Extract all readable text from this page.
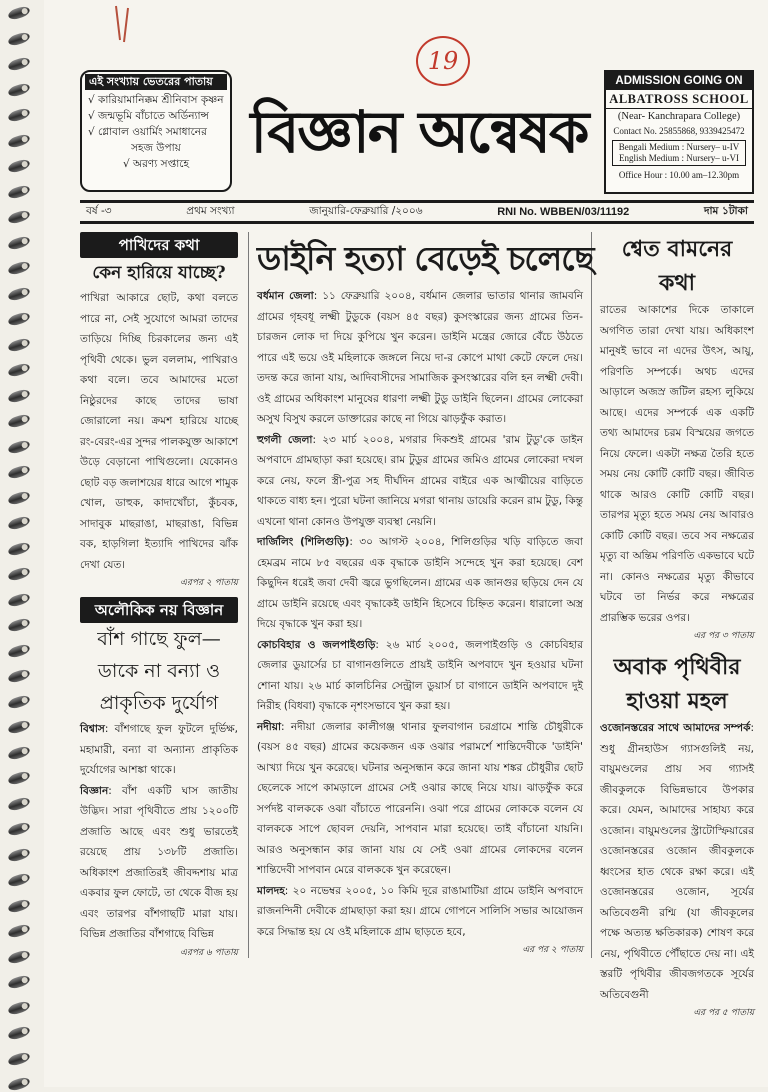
19
এই সংখ্যায় ভেতরের পাতায়
√ কারিয়ামানিক্কম শ্রীনিবাস কৃষ্ণন
√ জন্মভূমি বাঁচাতে অর্ডিন্যান্স
√ গ্লোবাল ওয়ার্মিং সমাধানের
সহজ উপায়
√ অরণ্য সপ্তাহে	বিজ্ঞান অন্বেষক
ADMISSION GOING ON
ALBATROSS SCHOOL
(Near- Kanchrapara College)
Contact No. 25855868, 9339425472
Bengali Medium : Nursery– u-IV
English Medium : Nursery– u-VI
Office Hour : 10.00 am–12.30pm
বর্ষ -৩	প্রথম সংখ্যা	জানুয়ারি-ফেব্রুয়ারি /২০০৬	RNI No. WBBEN/03/11192	দাম ১টাকা
পাখিদের কথা
কেন হারিয়ে যাচ্ছে?

পাখিরা আকারে ছোট, কথা বলতে পারে না, সেই সুযোগে আমরা তাদের তাড়িয়ে দিচ্ছি চিরকালের জন্য এই পৃথিবী থেকে। ভুল বললাম, পাখিরাও কথা বলে। তবে আমাদের মতো নিষ্ঠুরদের কাছে তাদের ভাষা জোরালো নয়। ক্রমশ হারিয়ে যাচ্ছে রং-বেরং-এর সুন্দর পালকযুক্ত আকাশে উড়ে বেড়ানো পাখিগুলো। যেকোনও ছোট বড় জলাশয়ের ধারে আগে শামুক খোল, ডাহুক, কাদাখোঁচা, কুঁচবক, সাদাবুক মাছরাঙা, মাছরাঙা, বিভিন্ন বক, হাড়গিলা ইত্যাদি পাখিদের ঝাঁক দেখা যেত।

এরপর ২ পাতায়
অলৌকিক নয় বিজ্ঞান
বাঁশ গাছে ফুল— ডাকে না বন্যা ও প্রাকৃতিক দুর্যোগ

বিশ্বাস: বাঁশগাছে ফুল ফুটলে দুর্ভিক্ষ, মহামারী, বন্যা বা অন্যান্য প্রাকৃতিক দুর্যোগের আশঙ্কা থাকে।

বিজ্ঞান: বাঁশ একটি ঘাস জাতীয় উদ্ভিদ। সারা পৃথিবীতে প্রায় ১২০০টি প্রজাতি আছে এবং শুধু ভারতেই রয়েছে প্রায় ১৩৮টি প্রজাতি। অধিকাংশ প্রজাতিরই জীবদ্দশায় মাত্র একবার ফুল ফোটে, তা থেকে বীজ হয় এবং তারপর বাঁশগাছটি মারা যায়। বিভিন্ন প্রজাতির বাঁশগাছে বিভিন্ন

এরপর ৬ পাতায়
ডাইনি হত্যা বেড়েই চলেছে

বর্ধমান জেলা: ১১ ফেব্রুয়ারি ২০০৪, বর্ধমান জেলার ভাতার থানার জামবনি গ্রামের গৃহবধূ লক্ষ্মী টুডুকে (বয়স ৪৫ বছর) কুসংস্কারের জন্য গ্রামের তিন-চারজন লোক দা দিয়ে কুপিয়ে খুন করেন। ডাইনি মন্ত্রের জোরে বেঁচে উঠতে পারে এই ভয়ে ওই মহিলাকে জঙ্গলে নিয়ে দা-র কোপে মাথা কেটে ফেলে দেয়। তদন্ত করে জানা যায়, আদিবাসীদের সামাজিক কুসংস্কারের বলি হন লক্ষ্মী দেবী। ওই গ্রামের অধিকাংশ মানুষের ধারণা লক্ষ্মী টুডু ডাইনি ছিলেন। গ্রামের লোকেরা অসুখ বিসুখ করলে ডাক্তারের কাছে না গিয়ে ঝাড়ফুঁক করাত।

হুগলী জেলা: ২৩ মার্চ ২০০৪, মগরার দিকশুই গ্রামের 'রাম টুডু'কে ডাইন অপবাদে গ্রামছাড়া করা হয়েছে। রাম টুডুর গ্রামের জমিও গ্রামের লোকেরা দখল করে নেয়, ফলে স্ত্রী-পুত্র সহ দীর্ঘদিন গ্রামের বাইরে এক আত্মীয়ের বাড়িতে থাকতে বাধ্য হন। পুরো ঘটনা জানিয়ে মগরা থানায় ডায়েরি করেন রাম টুডু, কিন্তু এখনো থানা কোনও উপযুক্ত ব্যবস্থা নেয়নি।

দার্জিলিং (শিলিগুড়ি): ৩০ আগস্ট ২০০৪, শিলিগুড়ির খড়ি বাড়িতে জবা হেমব্রম নামে ৮৫ বছরের এক বৃদ্ধাকে ডাইনি সন্দেহে খুন করা হয়েছে। বেশ কিছুদিন ধরেই জবা দেবী জ্বরে ভুগছিলেন। গ্রামের এক জানগুর ছড়িয়ে দেন যে গ্রামে ডাইনি রয়েছে এবং বৃদ্ধাকেই ডাইনি হিসেবে চিহ্নিত করেন। ধারালো অস্ত্র দিয়ে বৃদ্ধাকে খুন করা হয়।

কোচবিহার ও জলপাইগুড়ি: ২৬ মার্চ ২০০৫, জলপাইগুড়ি ও কোচবিহার জেলার ডুয়ার্সের চা বাগানগুলিতে প্রায়ই ডাইনি অপবাদে খুন হওয়ার ঘটনা শোনা যায়। ২৬ মার্চ কালচিনির সেন্ট্রাল ডুয়ার্স চা বাগানে ডাইনি অপবাদে দুই নিরীহ (বিধবা) বৃদ্ধাকে নৃশংসভাবে খুন করা হয়।

নদীয়া: নদীয়া জেলার কালীগঞ্জ থানার ফুলবাগান চরগ্রামে শান্তি চৌধুরীকে (বয়স ৪৫ বছর) গ্রামের কয়েকজন এক ওঝার পরামর্শে শান্তিদেবীকে 'ডাইনি' আখ্যা দিয়ে খুন করেছে। ঘটনার অনুসন্ধান করে জানা যায় শঙ্কর চৌধুরীর ছোট ছেলেকে সাপে কামড়ালে গ্রামের সেই ওঝার কাছে নিয়ে যায়। ঝাড়ফুঁক করে সর্পদষ্ট বালককে ওঝা বাঁচাতে পারেননি। ওঝা পরে গ্রামের লোককে বলেন যে বালককে সাপে ছোবল দেয়নি, সাপবান মারা হয়েছে। তাই বাঁচানো যায়নি। আরও অনুসন্ধান কার জানা যায় যে সেই ওঝা গ্রামের লোকদের বলেন শান্তিদেবী সাপবান মেরে বালককে খুন করেছেন।

মালদহ: ২০ নভেম্বর ২০০৫, ১০ কিমি দূরে রাঙামাটিয়া গ্রামে ডাইনি অপবাদে রাজনন্দিনী দেবীকে গ্রামছাড়া করা হয়। গ্রামে গোপনে সালিসি সভার আয়োজন করে সিদ্ধান্ত হয় যে ওই মহিলাকে গ্রাম ছাড়তে হবে,

এর পর ২ পাতায়
শ্বেত বামনের কথা

রাতের আকাশের দিকে তাকালে অগণিত তারা দেখা যায়। অধিকাংশ মানুষই ভাবে না এদের উৎস, আয়ু, পরিণতি সম্পর্কে। অথচ এদের আড়ালে অজস্র জটিল রহস্য লুকিয়ে আছে। এদের সম্পর্কে এক একটি তথ্য আমাদের চরম বিস্ময়ের জগতে নিয়ে ফেলে। একটা নক্ষত্র তৈরি হতে সময় নেয় কোটি কোটি বছর। জীবিত থাকে আরও কোটি কোটি বছর। তারপর মৃত্যু হতে সময় নেয় আবারও কোটি কোটি বছর। তবে সব নক্ষত্রের মৃত্যু বা অন্তিম পরিণতি একভাবে ঘটে না। কোনও নক্ষত্রের মৃত্যু কীভাবে ঘটবে তা নির্ভর করে নক্ষত্রের প্রারম্ভিক ভরের ওপর।

এর পর ৩ পাতায়
অবাক পৃথিবীর হাওয়া মহল

ওজোনস্তরের সাথে আমাদের সম্পর্ক: শুধু গ্রীনহাউস গ্যাসগুলিই নয়, বায়ুমণ্ডলের প্রায় সব গ্যাসই জীবকুলকে বিভিন্নভাবে উপকার করে। যেমন, আমাদের সাহায্য করে ওজোন। বায়ুমণ্ডলের স্ট্রাটোস্ফিয়ারের ওজোনস্তরের ওজোন জীবকুলকে ধ্বংসের হাত থেকে রক্ষা করে। এই ওজোনস্তরের ওজোন, সূর্যের অতিবেগুনী রশ্মি (যা জীবকূলের পক্ষে অত্যন্ত ক্ষতিকারক) শোষণ করে নেয়, পৃথিবীতে পৌঁছাতে দেয় না। এই স্তরটি পৃথিবীর জীবজগতকে সূর্যের অতিবেগুনী

এর পর ৫ পাতায়
